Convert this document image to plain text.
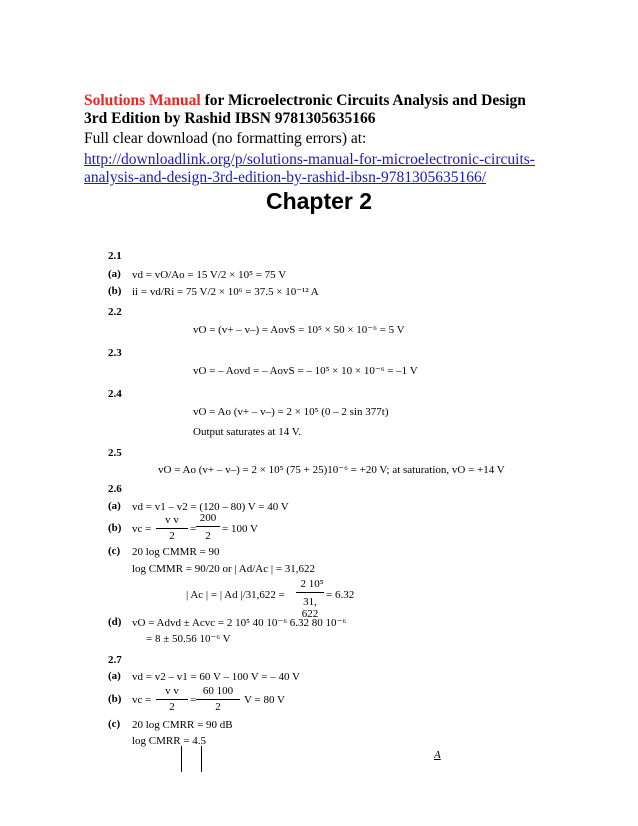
Solutions Manual for Microelectronic Circuits Analysis and Design
3rd Edition by Rashid IBSN 9781305635166
Full clear download (no formatting errors) at:
http://downloadlink.org/p/solutions-manual-for-microelectronic-circuits-
analysis-and-design-3rd-edition-by-rashid-ibsn-9781305635166/
Chapter 2
2.1
(a) vd = vO/Ao = 15 V/2 × 10⁵ = 75 V
(b) ii = vd/Ri = 75 V/2 × 10⁶ = 37.5 × 10⁻¹² A
2.2
vO = (v+ – v–) = AovS = 10⁵ × 50 × 10⁻⁶ = 5 V
2.3
vO = – Aovd = – AovS = – 10⁵ × 10 × 10⁻⁶ = –1 V
2.4
vO = Ao (v+ – v–) = 2 × 10⁵ (0 – 2 sin 377t)
Output saturates at 14 V.
2.5
vO = Ao (v+ – v–) = 2 × 10⁵ (75 + 25)10⁻⁶ = +20 V; at saturation, vO = +14 V
2.6
(a) vd = v1 – v2 = (120 – 80) V = 40 V
(b) vc =
v v
2
=
200
2
= 100 V
(c) 20 log CMMR = 90
log CMMR = 90/20 or | Ad/Ac | = 31,622
| Ac | = | Ad |/31,622 =
2 10⁵
31, 622
= 6.32
(d) vO = Advd ± Acvc = 2 10⁵ 40 10⁻⁶ 6.32 80 10⁻⁶
= 8 ± 50.56 10⁻⁶ V
2.7
(a) vd = v2 – v1 = 60 V – 100 V = – 40 V
(b) vc =
v v
2
=
60 100
2
V = 80 V
(c) 20 log CMRR = 90 dB
log CMRR = 4.5
A
